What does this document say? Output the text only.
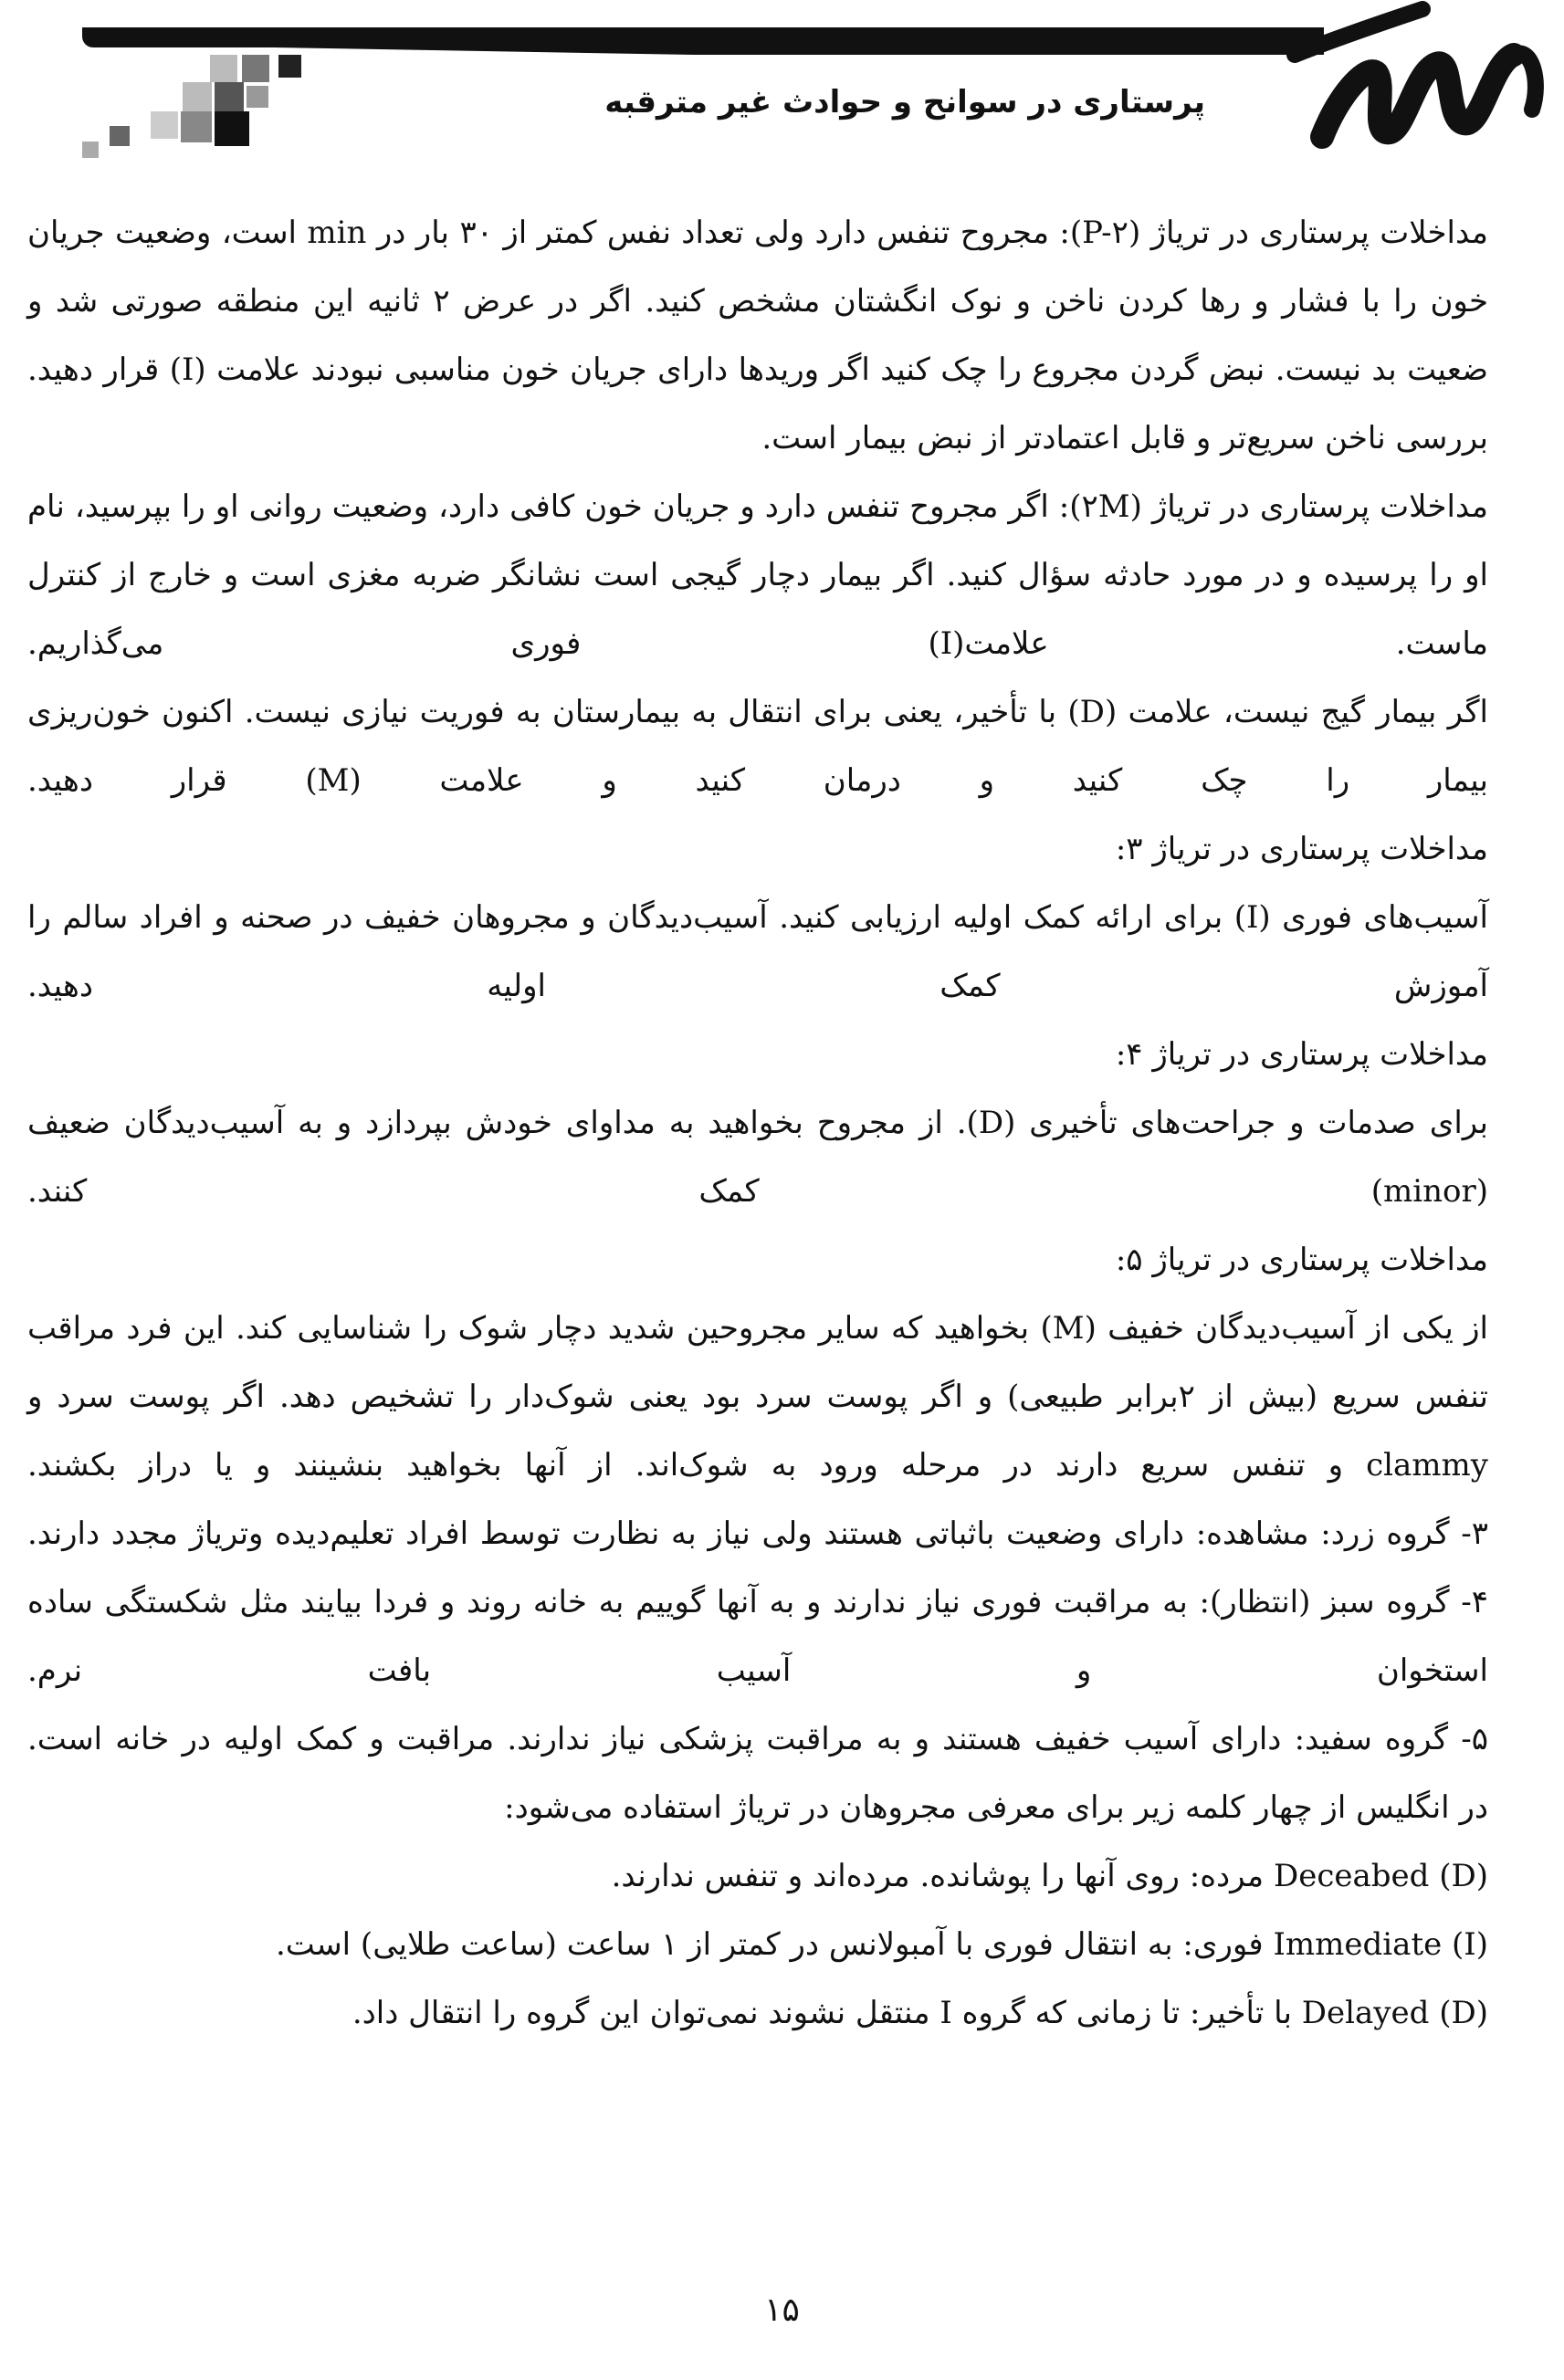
پرستاری در سوانح و حوادث غیر مترقبه

مداخلات پرستاری در تریاژ (P-۲): مجروح تنفس دارد ولی تعداد نفس کمتر از ۳۰ بار در min است، وضعیت جریان خون را با فشار و رها کردن ناخن و نوک انگشتان مشخص کنید. اگر در عرض ۲ ثانیه این منطقه صورتی شد و ضعیت بد نیست. نبض گردن مجروع را چک کنید اگر وریدها دارای جریان خون مناسبی نبودند علامت (I) قرار دهید.

بررسی ناخن سریع‌تر و قابل اعتمادتر از نبض بیمار است.

مداخلات پرستاری در تریاژ (۲M): اگر مجروح تنفس دارد و جریان خون کافی دارد، وضعیت روانی او را بپرسید، نام او را پرسیده و در مورد حادثه سؤال کنید. اگر بیمار دچار گیجی است نشانگر ضربه مغزی است و خارج از کنترل ماست. علامت(I) فوری می‌گذاریم.

اگر بیمار گیج نیست، علامت (D) با تأخیر، یعنی برای انتقال به بیمارستان به فوریت نیازی نیست. اکنون خون‌ریزی بیمار را چک کنید و درمان کنید و علامت (M) قرار دهید.

مداخلات پرستاری در تریاژ ۳:

آسیب‌های فوری (I) برای ارائه کمک اولیه ارزیابی کنید. آسیب‌دیدگان و مجروهان خفیف در صحنه و افراد سالم را آموزش کمک اولیه دهید.

مداخلات پرستاری در تریاژ ۴:

برای صدمات و جراحت‌های تأخیری (D). از مجروح بخواهید به مداوای خودش بپردازد و به آسیب‌دیدگان ضعیف (minor) کمک کنند.

مداخلات پرستاری در تریاژ ۵:

از یکی از آسیب‌دیدگان خفیف (M) بخواهید که سایر مجروحین شدید دچار شوک را شناسایی کند. این فرد مراقب تنفس سریع (بیش از ۲برابر طبیعی) و اگر پوست سرد بود یعنی شوک‌دار را تشخیص دهد. اگر پوست سرد و clammy و تنفس سریع دارند در مرحله ورود به شوک‌اند. از آنها بخواهید بنشینند و یا دراز بکشند.

۳- گروه زرد: مشاهده: دارای وضعیت باثباتی هستند ولی نیاز به نظارت توسط افراد تعلیم‌دیده وتریاژ مجدد دارند.

۴- گروه سبز (انتظار): به مراقبت فوری نیاز ندارند و به آنها گوییم به خانه روند و فردا بیایند مثل شکستگی ساده استخوان و آسیب بافت نرم.

۵- گروه سفید: دارای آسیب خفیف هستند و به مراقبت پزشکی نیاز ندارند. مراقبت و کمک اولیه در خانه است.

در انگلیس از چهار کلمه زیر برای معرفی مجروهان در تریاژ استفاده می‌شود:

Deceabed (D) مرده: روی آنها را پوشانده. مرده‌اند و تنفس ندارند.

Immediate (I) فوری: به انتقال فوری با آمبولانس در کمتر از ۱ ساعت (ساعت طلایی) است.

Delayed (D) با تأخیر: تا زمانی که گروه I منتقل نشوند نمی‌توان این گروه را انتقال داد.

۱۵
